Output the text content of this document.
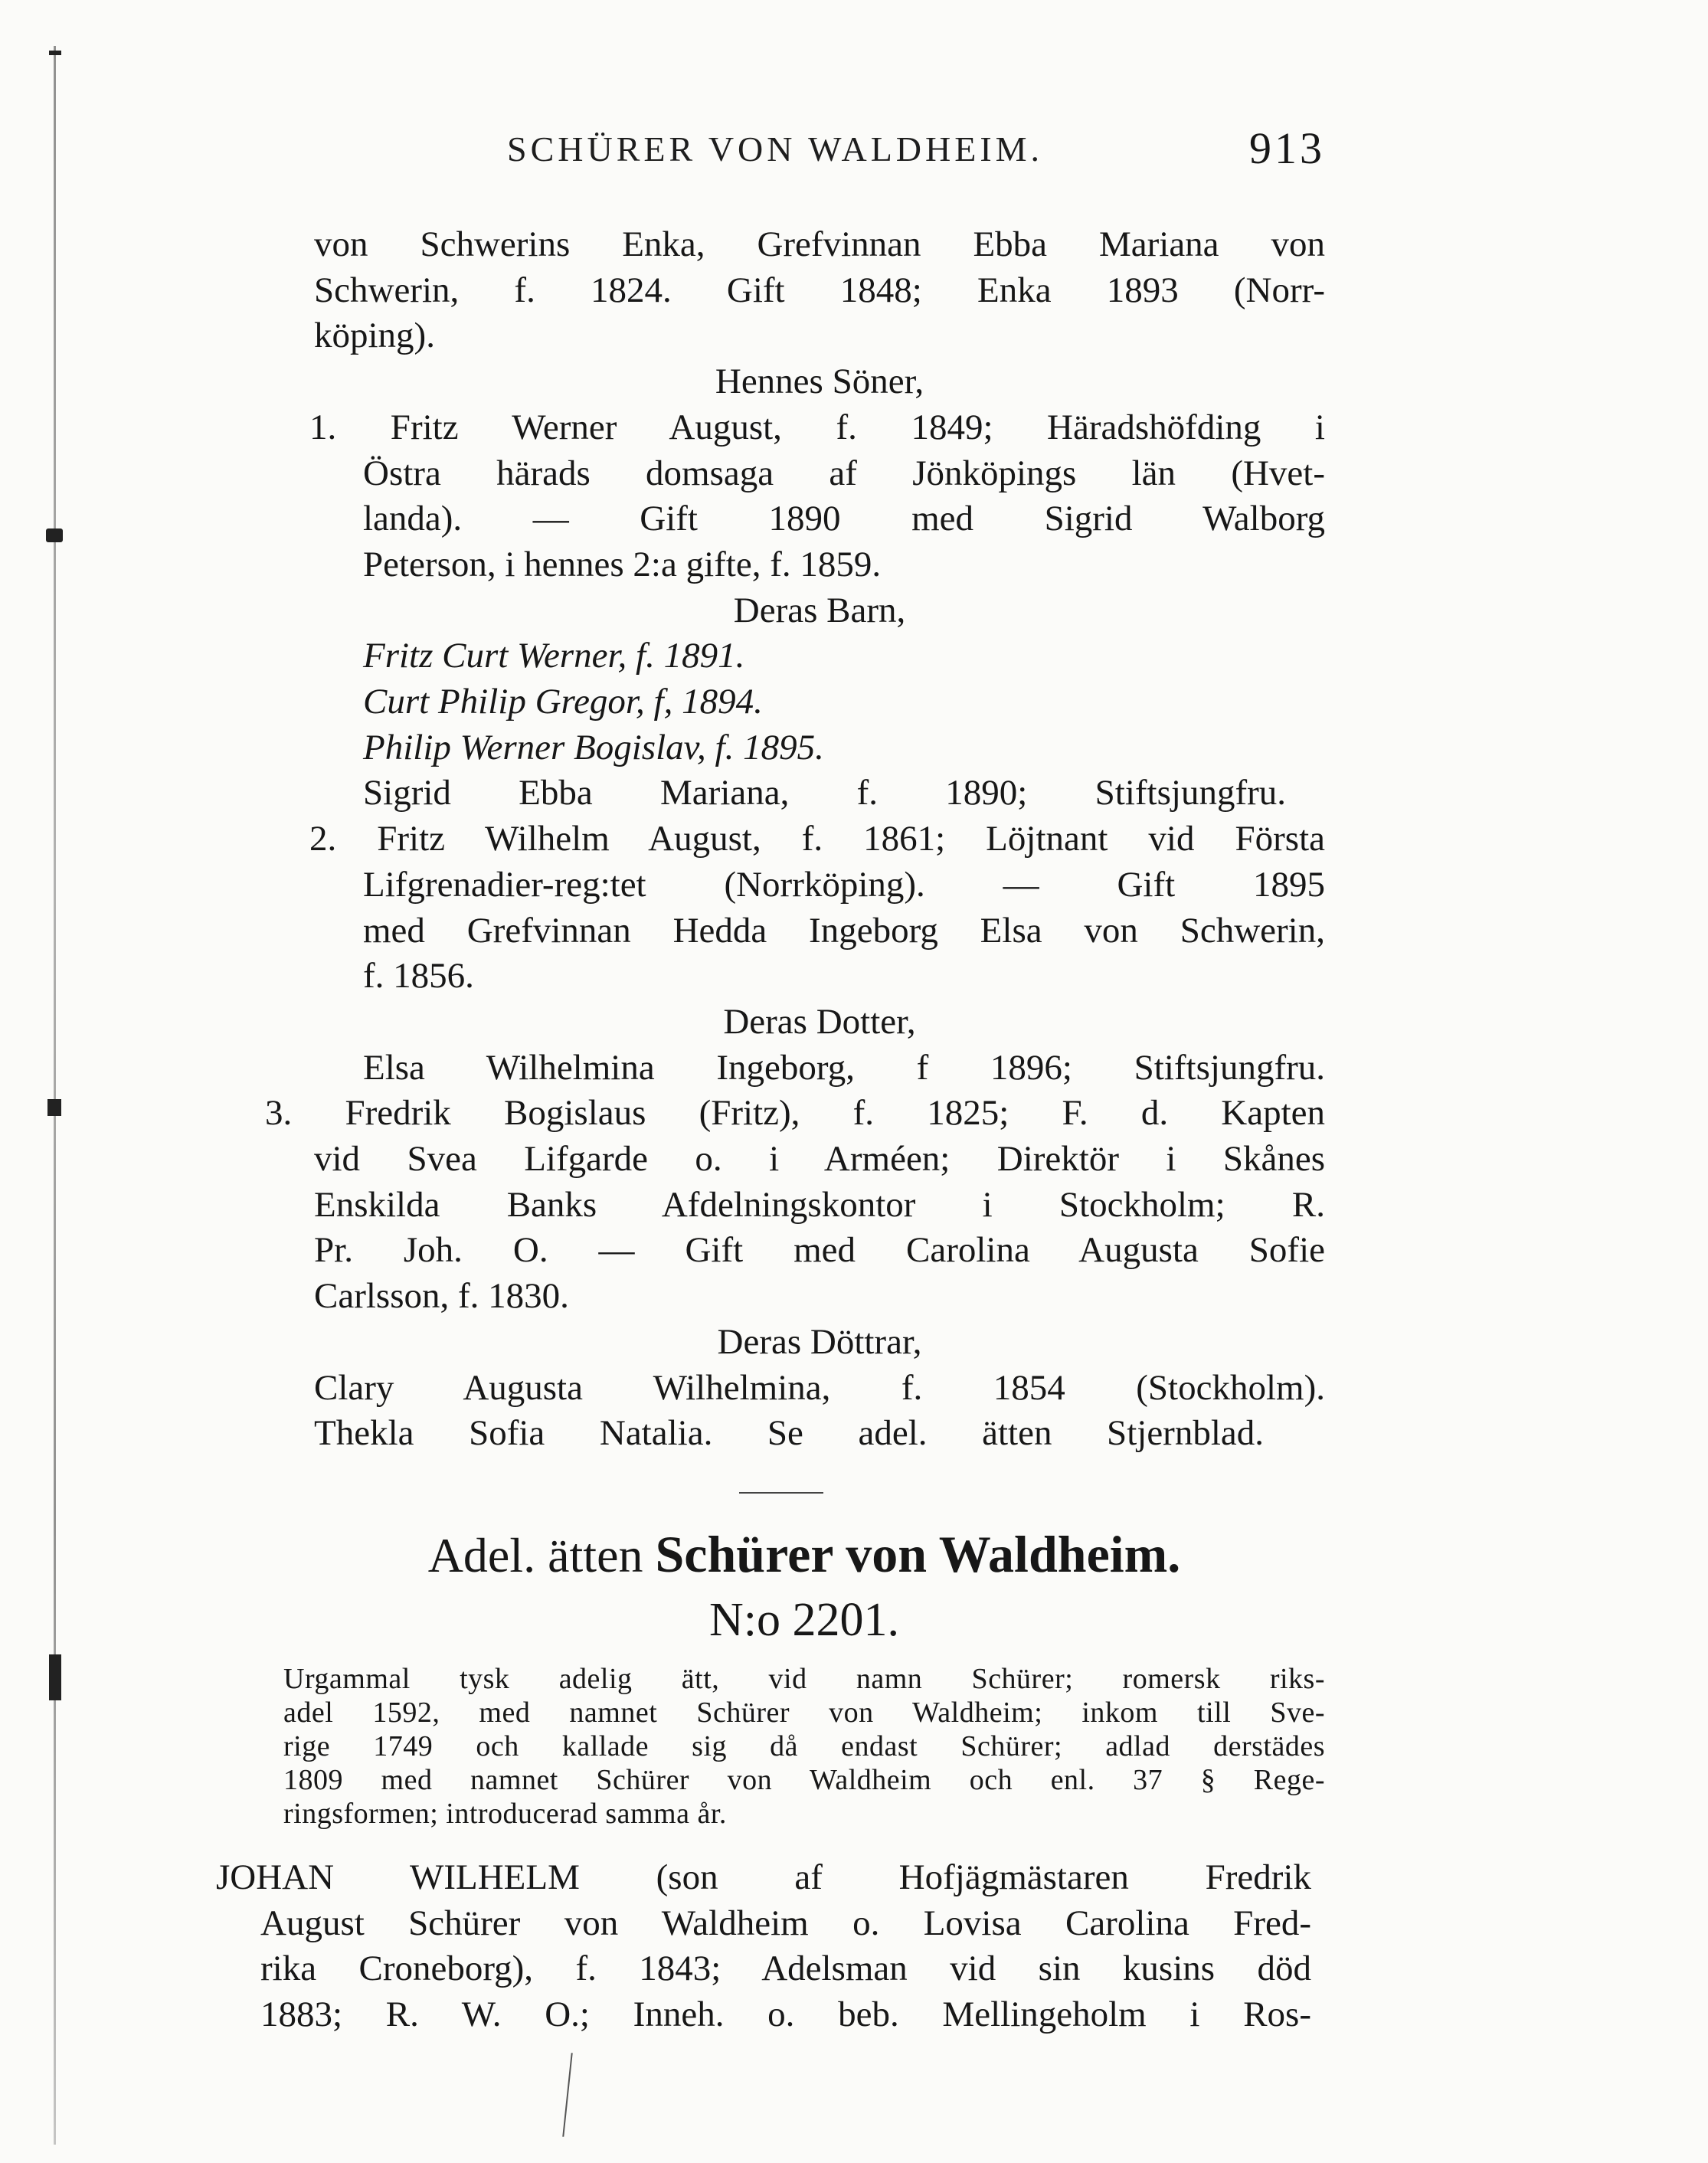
SCHÜRER VON WALDHEIM.	913
von Schwerins Enka, Grefvinnan Ebba Mariana von
Schwerin, f. 1824. Gift 1848; Enka 1893 (Norr-
köping).
Hennes Söner,
1. Fritz Werner August, f. 1849; Häradshöfding i
Östra härads domsaga af Jönköpings län (Hvet-
landa). — Gift 1890 med Sigrid Walborg
Peterson, i hennes 2:a gifte, f. 1859.
Deras Barn,
Fritz Curt Werner, f. 1891.
Curt Philip Gregor, f, 1894.
Philip Werner Bogislav, f. 1895.
Sigrid Ebba Mariana, f. 1890; Stiftsjungfru.
2. Fritz Wilhelm August, f. 1861; Löjtnant vid Första
Lifgrenadier-reg:tet (Norrköping). — Gift 1895
med Grefvinnan Hedda Ingeborg Elsa von Schwerin,
f. 1856.
Deras Dotter,
Elsa Wilhelmina Ingeborg, f 1896; Stiftsjungfru.
3. Fredrik Bogislaus (Fritz), f. 1825; F. d. Kapten
vid Svea Lifgarde o. i Arméen; Direktör i Skånes
Enskilda Banks Afdelningskontor i Stockholm; R.
Pr. Joh. O. — Gift med Carolina Augusta Sofie
Carlsson, f. 1830.
Deras Döttrar,
Clary Augusta Wilhelmina, f. 1854 (Stockholm).
Thekla Sofia Natalia. Se adel. ätten Stjernblad.
Adel. ätten Schürer von Waldheim.
N:o 2201.
Urgammal tysk adelig ätt, vid namn Schürer; romersk riks-
adel 1592, med namnet Schürer von Waldheim; inkom till Sve-
rige 1749 och kallade sig då endast Schürer; adlad derstädes
1809 med namnet Schürer von Waldheim och enl. 37 § Rege-
ringsformen; introducerad samma år.
JOHAN WILHELM (son af Hofjägmästaren Fredrik
August Schürer von Waldheim o. Lovisa Carolina Fred-
rika Croneborg), f. 1843; Adelsman vid sin kusins död
1883; R. W. O.; Inneh. o. beb. Mellingeholm i Ros-
